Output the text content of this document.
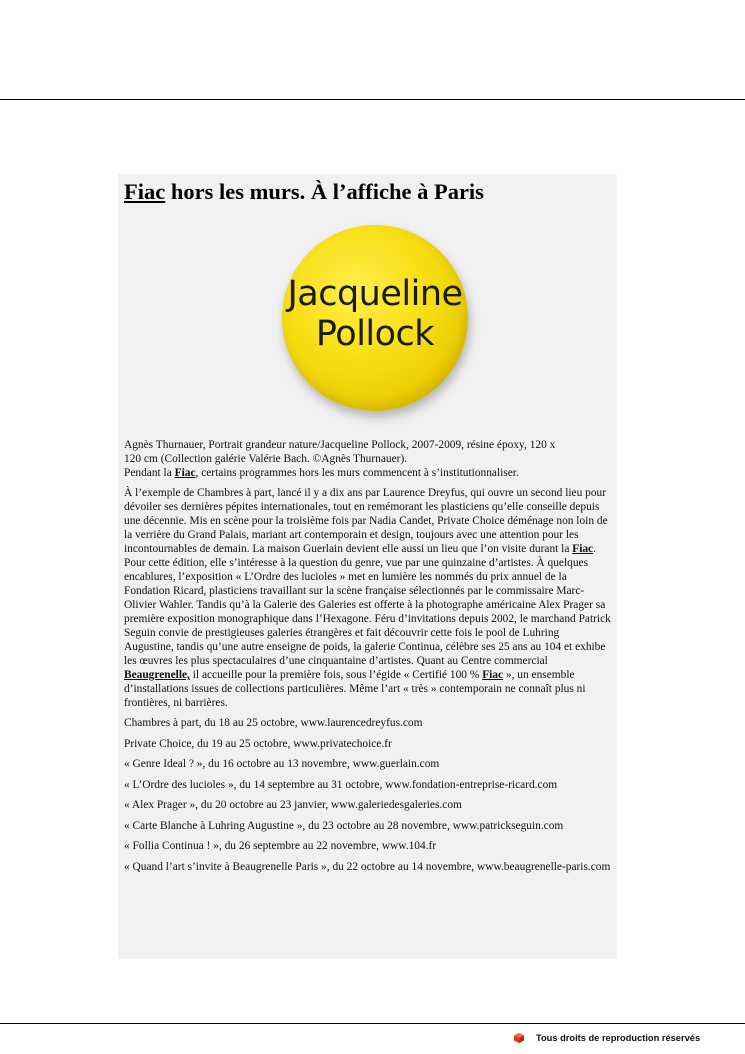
Fiac hors les murs. À l’affiche à Paris
Jacqueline
Pollock

Agnès Thurnauer, Portrait grandeur nature/Jacqueline Pollock, 2007-2009, résine époxy, 120 x
120 cm (Collection galérie Valérie Bach. ©Agnès Thurnauer).

Pendant la Fiac, certains programmes hors les murs commencent à s’institutionnaliser.

À l’exemple de Chambres à part, lancé il y a dix ans par Laurence Dreyfus, qui ouvre un second lieu pour dévoiler ses dernières pépites internationales, tout en remémorant les plasticiens qu’elle conseille depuis une décennie. Mis en scène pour la troisième fois par Nadia Candet, Private Choice déménage non loin de la verrière du Grand Palais, mariant art contemporain et design, toujours avec une attention pour les incontournables de demain. La maison Guerlain devient elle aussi un lieu que l’on visite durant la Fiac. Pour cette édition, elle s’intéresse à la question du genre, vue par une quinzaine d’artistes. À quelques encablures, l’exposition « L’Ordre des lucioles » met en lumière les nommés du prix annuel de la Fondation Ricard, plasticiens travaillant sur la scène française sélectionnés par le commissaire Marc-Olivier Wahler. Tandis qu’à la Galerie des Galeries est offerte à la photographe américaine Alex Prager sa première exposition monographique dans l’Hexagone. Féru d’invitations depuis 2002, le marchand Patrick Seguin convie de prestigieuses galeries étrangères et fait découvrir cette fois le pool de Luhring Augustine, tandis qu’une autre enseigne de poids, la galerie Continua, célèbre ses 25 ans au 104 et exhibe les œuvres les plus spectaculaires d’une cinquantaine d’artistes. Quant au Centre commercial Beaugrenelle, il accueille pour la première fois, sous l’égide « Certifié 100 % Fiac », un ensemble d’installations issues de collections particulières. Même l’art « très » contemporain ne connaît plus ni frontières, ni barrières.

Chambres à part, du 18 au 25 octobre, www.laurencedreyfus.com

Private Choice, du 19 au 25 octobre, www.privatechoice.fr

« Genre Ideal ? », du 16 octobre au 13 novembre, www.guerlain.com

« L’Ordre des lucioles », du 14 septembre au 31 octobre, www.fondation-entreprise-ricard.com

« Alex Prager », du 20 octobre au 23 janvier, www.galeriedesgaleries.com

« Carte Blanche à Luhring Augustine », du 23 octobre au 28 novembre, www.patrickseguin.com

« Follia Continua ! », du 26 septembre au 22 novembre, www.104.fr

« Quand l’art s’invite à Beaugrenelle Paris », du 22 octobre au 14 novembre, www.beaugrenelle-paris.com

Tous droits de reproduction réservés
